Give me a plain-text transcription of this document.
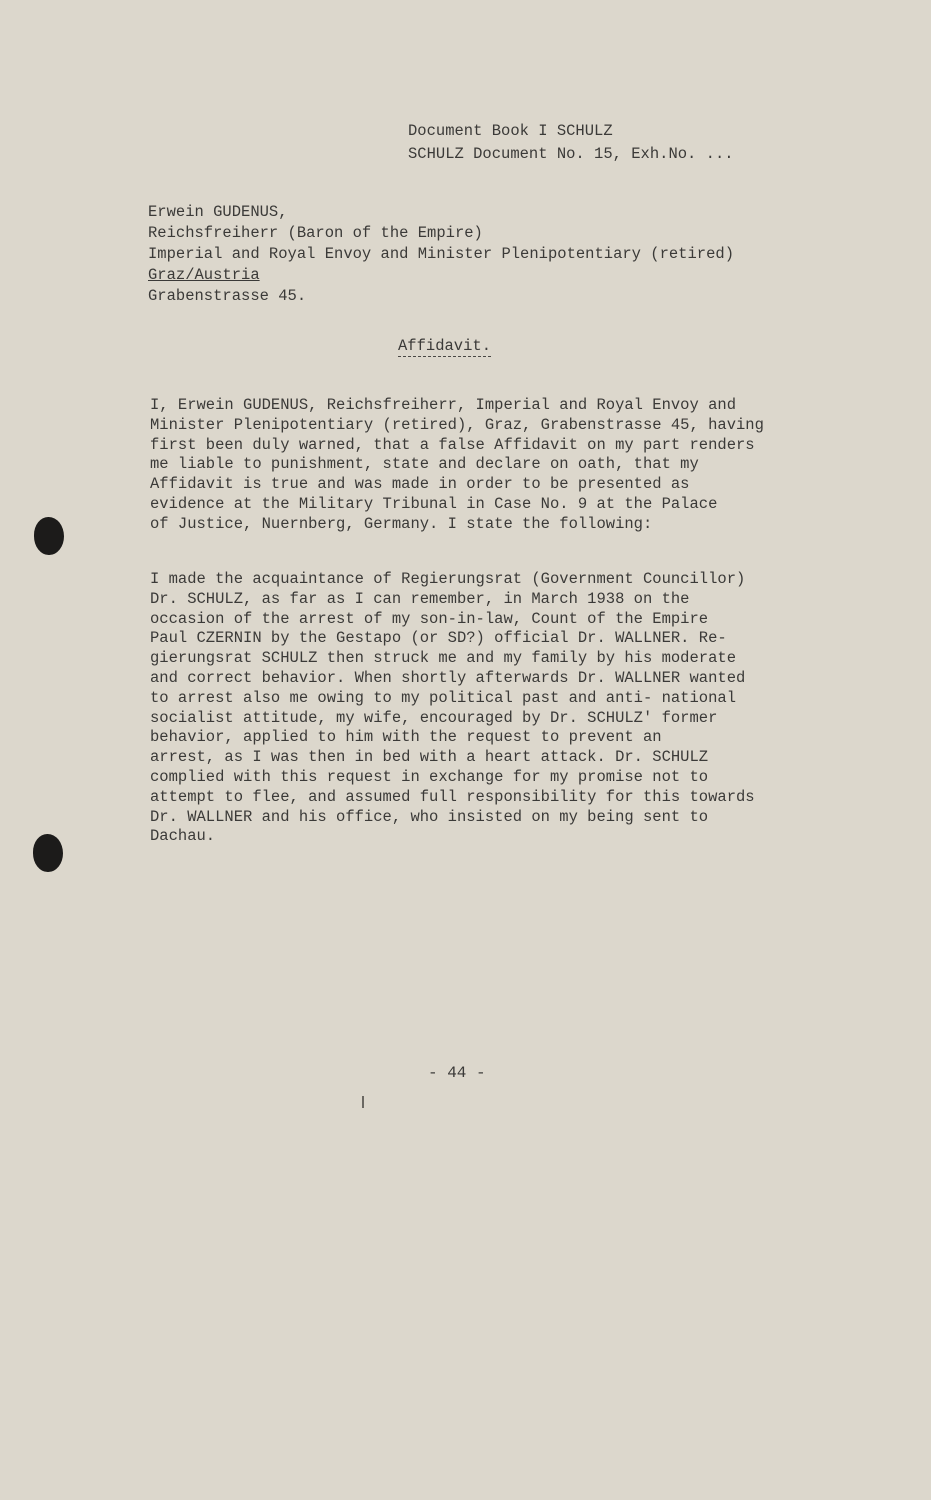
Document Book I SCHULZ
SCHULZ Document No. 15, Exh.No. ...
Erwein GUDENUS,
Reichsfreiherr (Baron of the Empire)
Imperial and Royal Envoy and Minister Plenipotentiary (retired)
Graz/Austria
Grabenstrasse 45.
Affidavit.
I, Erwein GUDENUS, Reichsfreiherr, Imperial and Royal Envoy and
Minister Plenipotentiary (retired), Graz, Grabenstrasse 45, having
first been duly warned, that a false Affidavit on my part renders
me liable to punishment, state and declare on oath, that my
Affidavit is true and was made in order to be presented as
evidence at the Military Tribunal in Case No. 9 at the Palace
of Justice, Nuernberg, Germany. I state the following:
I made the acquaintance of Regierungsrat (Government Councillor)
Dr. SCHULZ, as far as I can remember, in March 1938 on the
occasion of the arrest of my son-in-law, Count of the Empire
Paul CZERNIN by the Gestapo (or SD?) official Dr. WALLNER. Re-
gierungsrat SCHULZ then struck me and my family by his moderate
and correct behavior. When shortly afterwards Dr. WALLNER wanted
to arrest also me owing to my political past and anti- national
socialist attitude, my wife, encouraged by Dr. SCHULZ' former
behavior, applied to him with the request to prevent an
arrest, as I was then in bed with a heart attack. Dr. SCHULZ
complied with this request in exchange for my promise not to
attempt to flee, and assumed full responsibility for this towards
Dr. WALLNER and his office, who insisted on my being sent to
Dachau.
- 44 -
